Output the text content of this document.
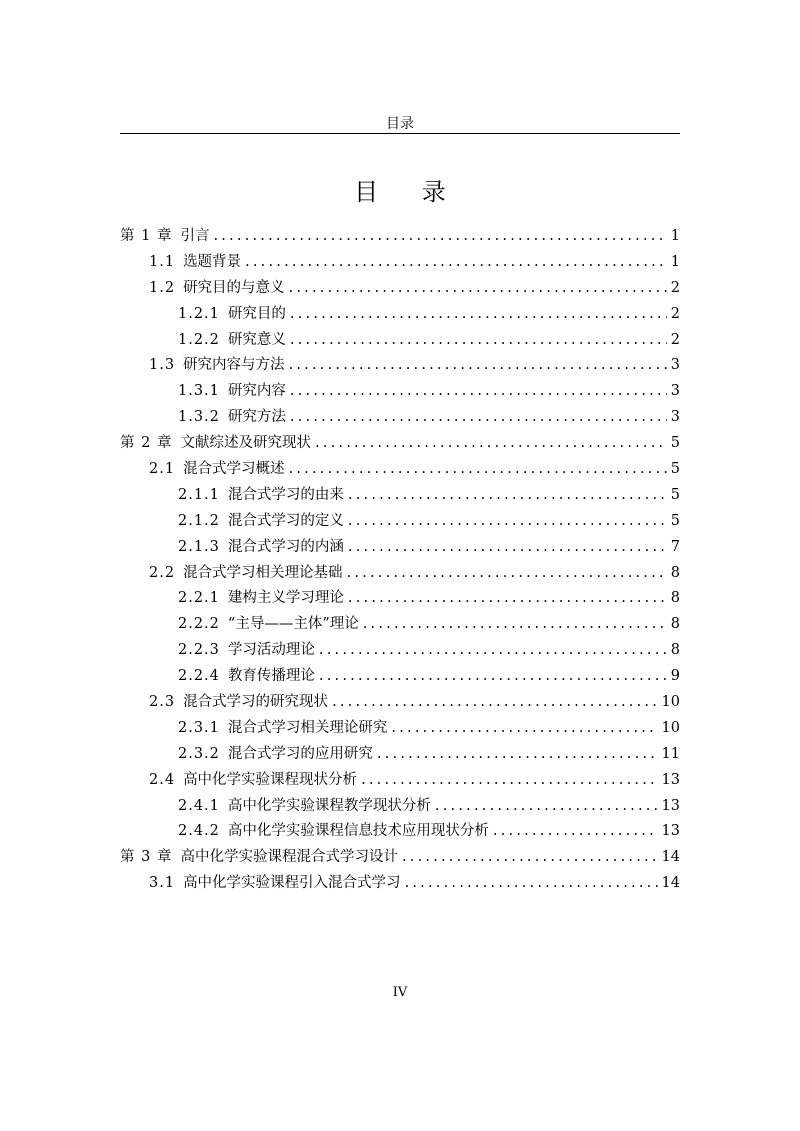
目录
目 录
第 1 章 引言 .....	1
1.1 选题背景 .....	1
1.2 研究目的与意义 .....	2
1.2.1 研究目的 .....	2
1.2.2 研究意义 .....	2
1.3 研究内容与方法 .....	3
1.3.1 研究内容 .....	3
1.3.2 研究方法 .....	3
第 2 章 文献综述及研究现状 .....	5
2.1 混合式学习概述 .....	5
2.1.1 混合式学习的由来 .....	5
2.1.2 混合式学习的定义 .....	5
2.1.3 混合式学习的内涵 .....	7
2.2 混合式学习相关理论基础 .....	8
2.2.1 建构主义学习理论 .....	8
2.2.2 “主导——主体”理论 .....	8
2.2.3 学习活动理论 .....	8
2.2.4 教育传播理论 .....	9
2.3 混合式学习的研究现状 .....	10
2.3.1 混合式学习相关理论研究 .....	10
2.3.2 混合式学习的应用研究 .....	11
2.4 高中化学实验课程现状分析 .....	13
2.4.1 高中化学实验课程教学现状分析 .....	13
2.4.2 高中化学实验课程信息技术应用现状分析 .....	13
第 3 章 高中化学实验课程混合式学习设计 .....	14
3.1 高中化学实验课程引入混合式学习 .....	14
IV
